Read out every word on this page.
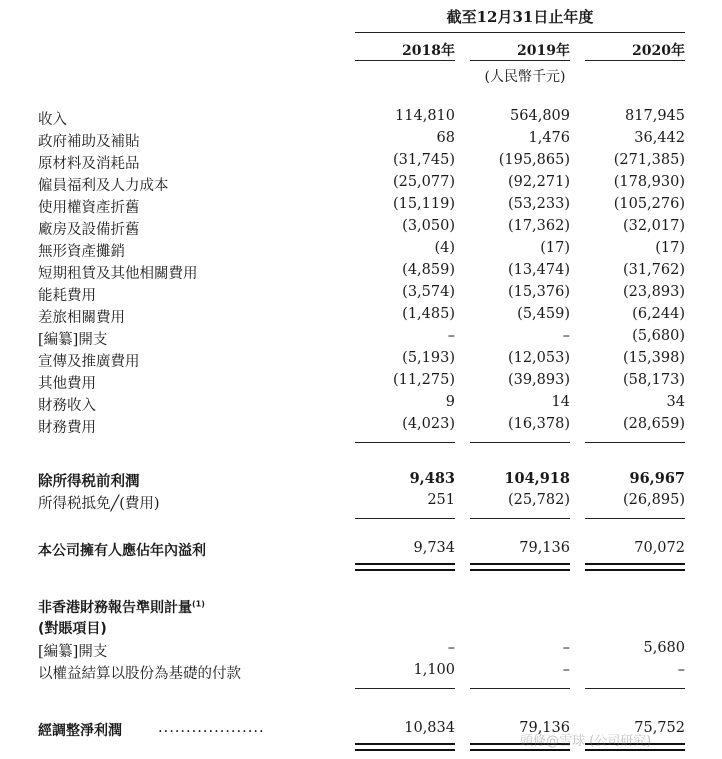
截至12月31日止年度
2018年	2019年	2020年
(人民幣千元)
收入	114,810	564,809	817,945
政府補助及補貼	68	1,476	36,442
原材料及消耗品	(31,745)	(195,865)	(271,385)
僱員福利及人力成本	(25,077)	(92,271)	(178,930)
使用權資產折舊	(15,119)	(53,233)	(105,276)
廠房及設備折舊	(3,050)	(17,362)	(32,017)
無形資產攤銷	(4)	(17)	(17)
短期租賃及其他相關費用	(4,859)	(13,474)	(31,762)
能耗費用	(3,574)	(15,376)	(23,893)
差旅相關費用	(1,485)	(5,459)	(6,244)
[編纂]開支	–	–	(5,680)
宣傳及推廣費用	(5,193)	(12,053)	(15,398)
其他費用	(11,275)	(39,893)	(58,173)
財務收入	9	14	34
財務費用	(4,023)	(16,378)	(28,659)
除所得税前利潤	9,483	104,918	96,967
所得税抵免╱(費用)	251	(25,782)	(26,895)
本公司擁有人應佔年內溢利	9,734	79,136	70,072
非香港財務報告準則計量$^{(1)}$
(對賬項目)
[編纂]開支	–	–	5,680
以權益結算以股份為基礎的付款	1,100	–	–
經調整淨利潤 ...................	10,834	79,136	75,752
頭條@雪球 (公司研究)
